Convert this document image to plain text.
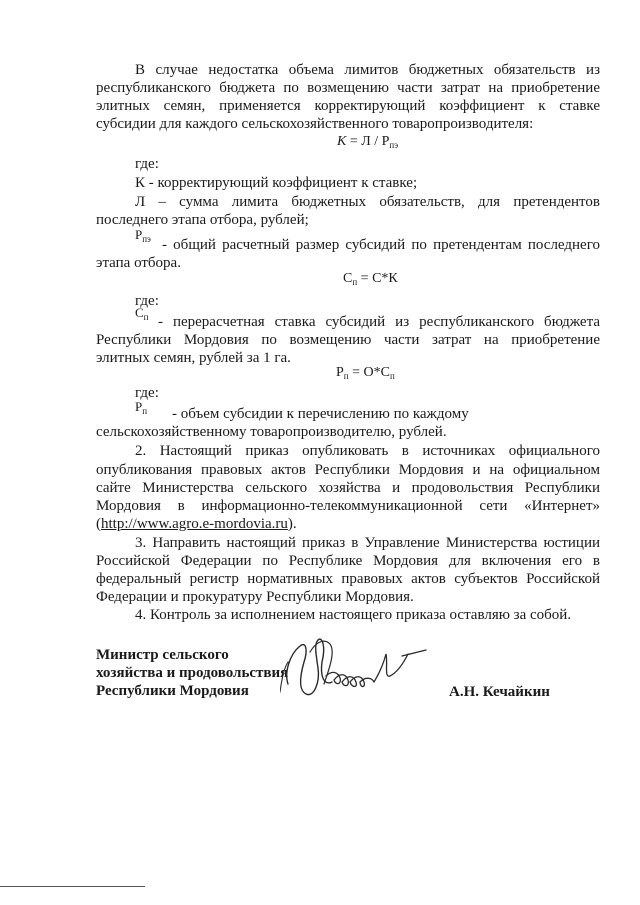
В случае недостатка объема лимитов бюджетных обязательств из
республиканского бюджета по возмещению части затрат на приобретение
элитных семян, применяется корректирующий коэффициент к ставке
субсидии для каждого сельскохозяйственного товаропроизводителя:
$K = Л / Р_{пэ}$
где:
К - корректирующий коэффициент к ставке;
Л – сумма лимита бюджетных обязательств, для претендентов
последнего этапа отбора, рублей;
$Р_{пэ}$ - общий расчетный размер субсидий по претендентам последнего
этапа отбора.
$С_п = С*К$
где:
$С_п$ - перерасчетная ставка субсидий из республиканского бюджета
Республики Мордовия по возмещению части затрат на приобретение
элитных семян, рублей за 1 га.
$Р_п = О*С_п$
где:
$Р_п$ - объем субсидии к перечислению по каждому
сельскохозяйственному товаропроизводителю, рублей.
2. Настоящий приказ опубликовать в источниках официального
опубликования правовых актов Республики Мордовия и на официальном
сайте Министерства сельского хозяйства и продовольствия Республики
Мордовия в информационно-телекоммуникационной сети «Интернет»
(http://www.agro.e-mordovia.ru).
3. Направить настоящий приказ в Управление Министерства юстиции
Российской Федерации по Республике Мордовия для включения его в
федеральный регистр нормативных правовых актов субъектов Российской
Федерации и прокуратуру Республики Мордовия.
4. Контроль за исполнением настоящего приказа оставляю за собой.
Министр сельского
хозяйства и продовольствия
Республики Мордовия	А.Н. Кечайкин
